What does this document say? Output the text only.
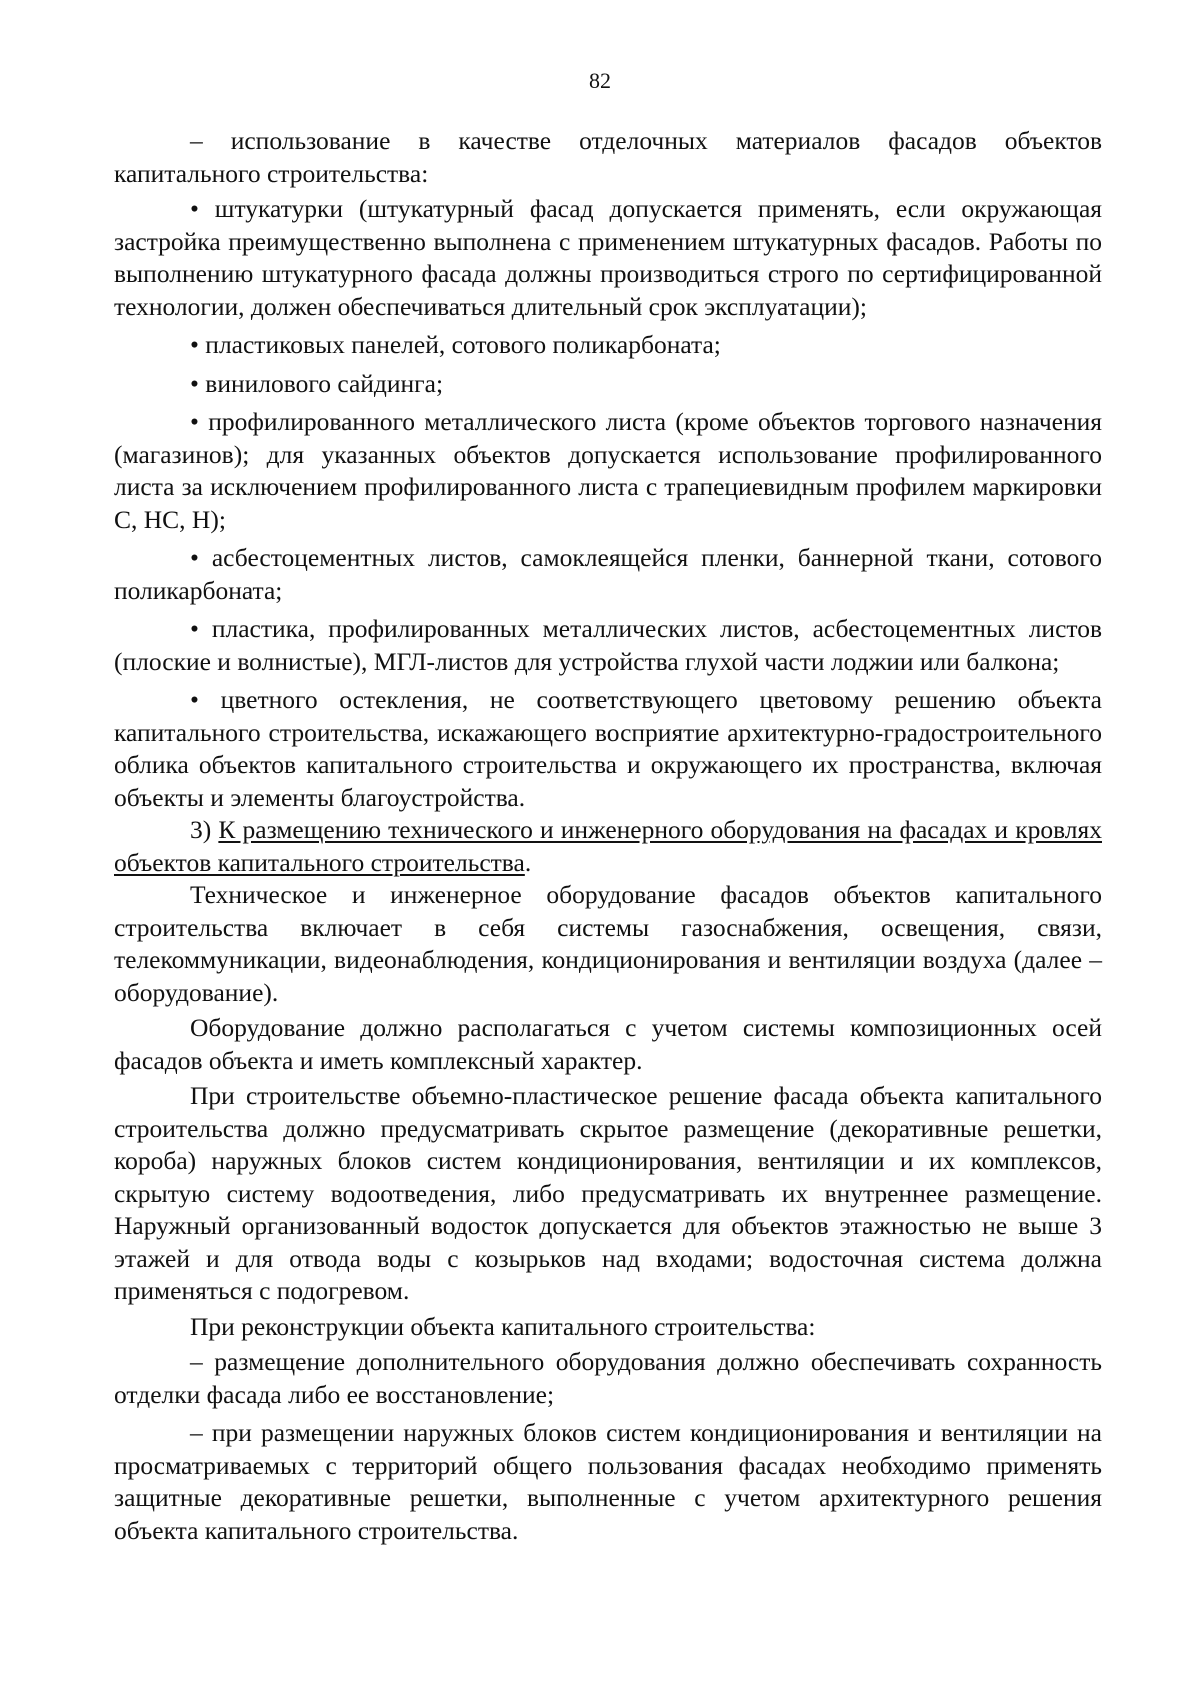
82

– использование в качестве отделочных материалов фасадов объектов капитального строительства:

• штукатурки (штукатурный фасад допускается применять, если окружающая застройка преимущественно выполнена с применением штукатурных фасадов. Работы по выполнению штукатурного фасада должны производиться строго по сертифицированной технологии, должен обеспечиваться длительный срок эксплуатации);

• пластиковых панелей, сотового поликарбоната;

• винилового сайдинга;

• профилированного металлического листа (кроме объектов торгового назначения (магазинов); для указанных объектов допускается использование профилированного листа за исключением профилированного листа с трапециевидным профилем маркировки С, НС, Н);

• асбестоцементных листов, самоклеящейся пленки, баннерной ткани, сотового поликарбоната;

• пластика, профилированных металлических листов, асбестоцементных листов (плоские и волнистые), МГЛ-листов для устройства глухой части лоджии или балкона;

• цветного остекления, не соответствующего цветовому решению объекта капитального строительства, искажающего восприятие архитектурно-градостроительного облика объектов капитального строительства и окружающего их пространства, включая объекты и элементы благоустройства.

3) К размещению технического и инженерного оборудования на фасадах и кровлях объектов капитального строительства.

Техническое и инженерное оборудование фасадов объектов капитального строительства включает в себя системы газоснабжения, освещения, связи, телекоммуникации, видеонаблюдения, кондиционирования и вентиляции воздуха (далее – оборудование).

Оборудование должно располагаться с учетом системы композиционных осей фасадов объекта и иметь комплексный характер.

При строительстве объемно-пластическое решение фасада объекта капитального строительства должно предусматривать скрытое размещение (декоративные решетки, короба) наружных блоков систем кондиционирования, вентиляции и их комплексов, скрытую систему водоотведения, либо предусматривать их внутреннее размещение. Наружный организованный водосток допускается для объектов этажностью не выше 3 этажей и для отвода воды с козырьков над входами; водосточная система должна применяться с подогревом.

При реконструкции объекта капитального строительства:

– размещение дополнительного оборудования должно обеспечивать сохранность отделки фасада либо ее восстановление;

– при размещении наружных блоков систем кондиционирования и вентиляции на просматриваемых с территорий общего пользования фасадах необходимо применять защитные декоративные решетки, выполненные с учетом архитектурного решения объекта капитального строительства.
